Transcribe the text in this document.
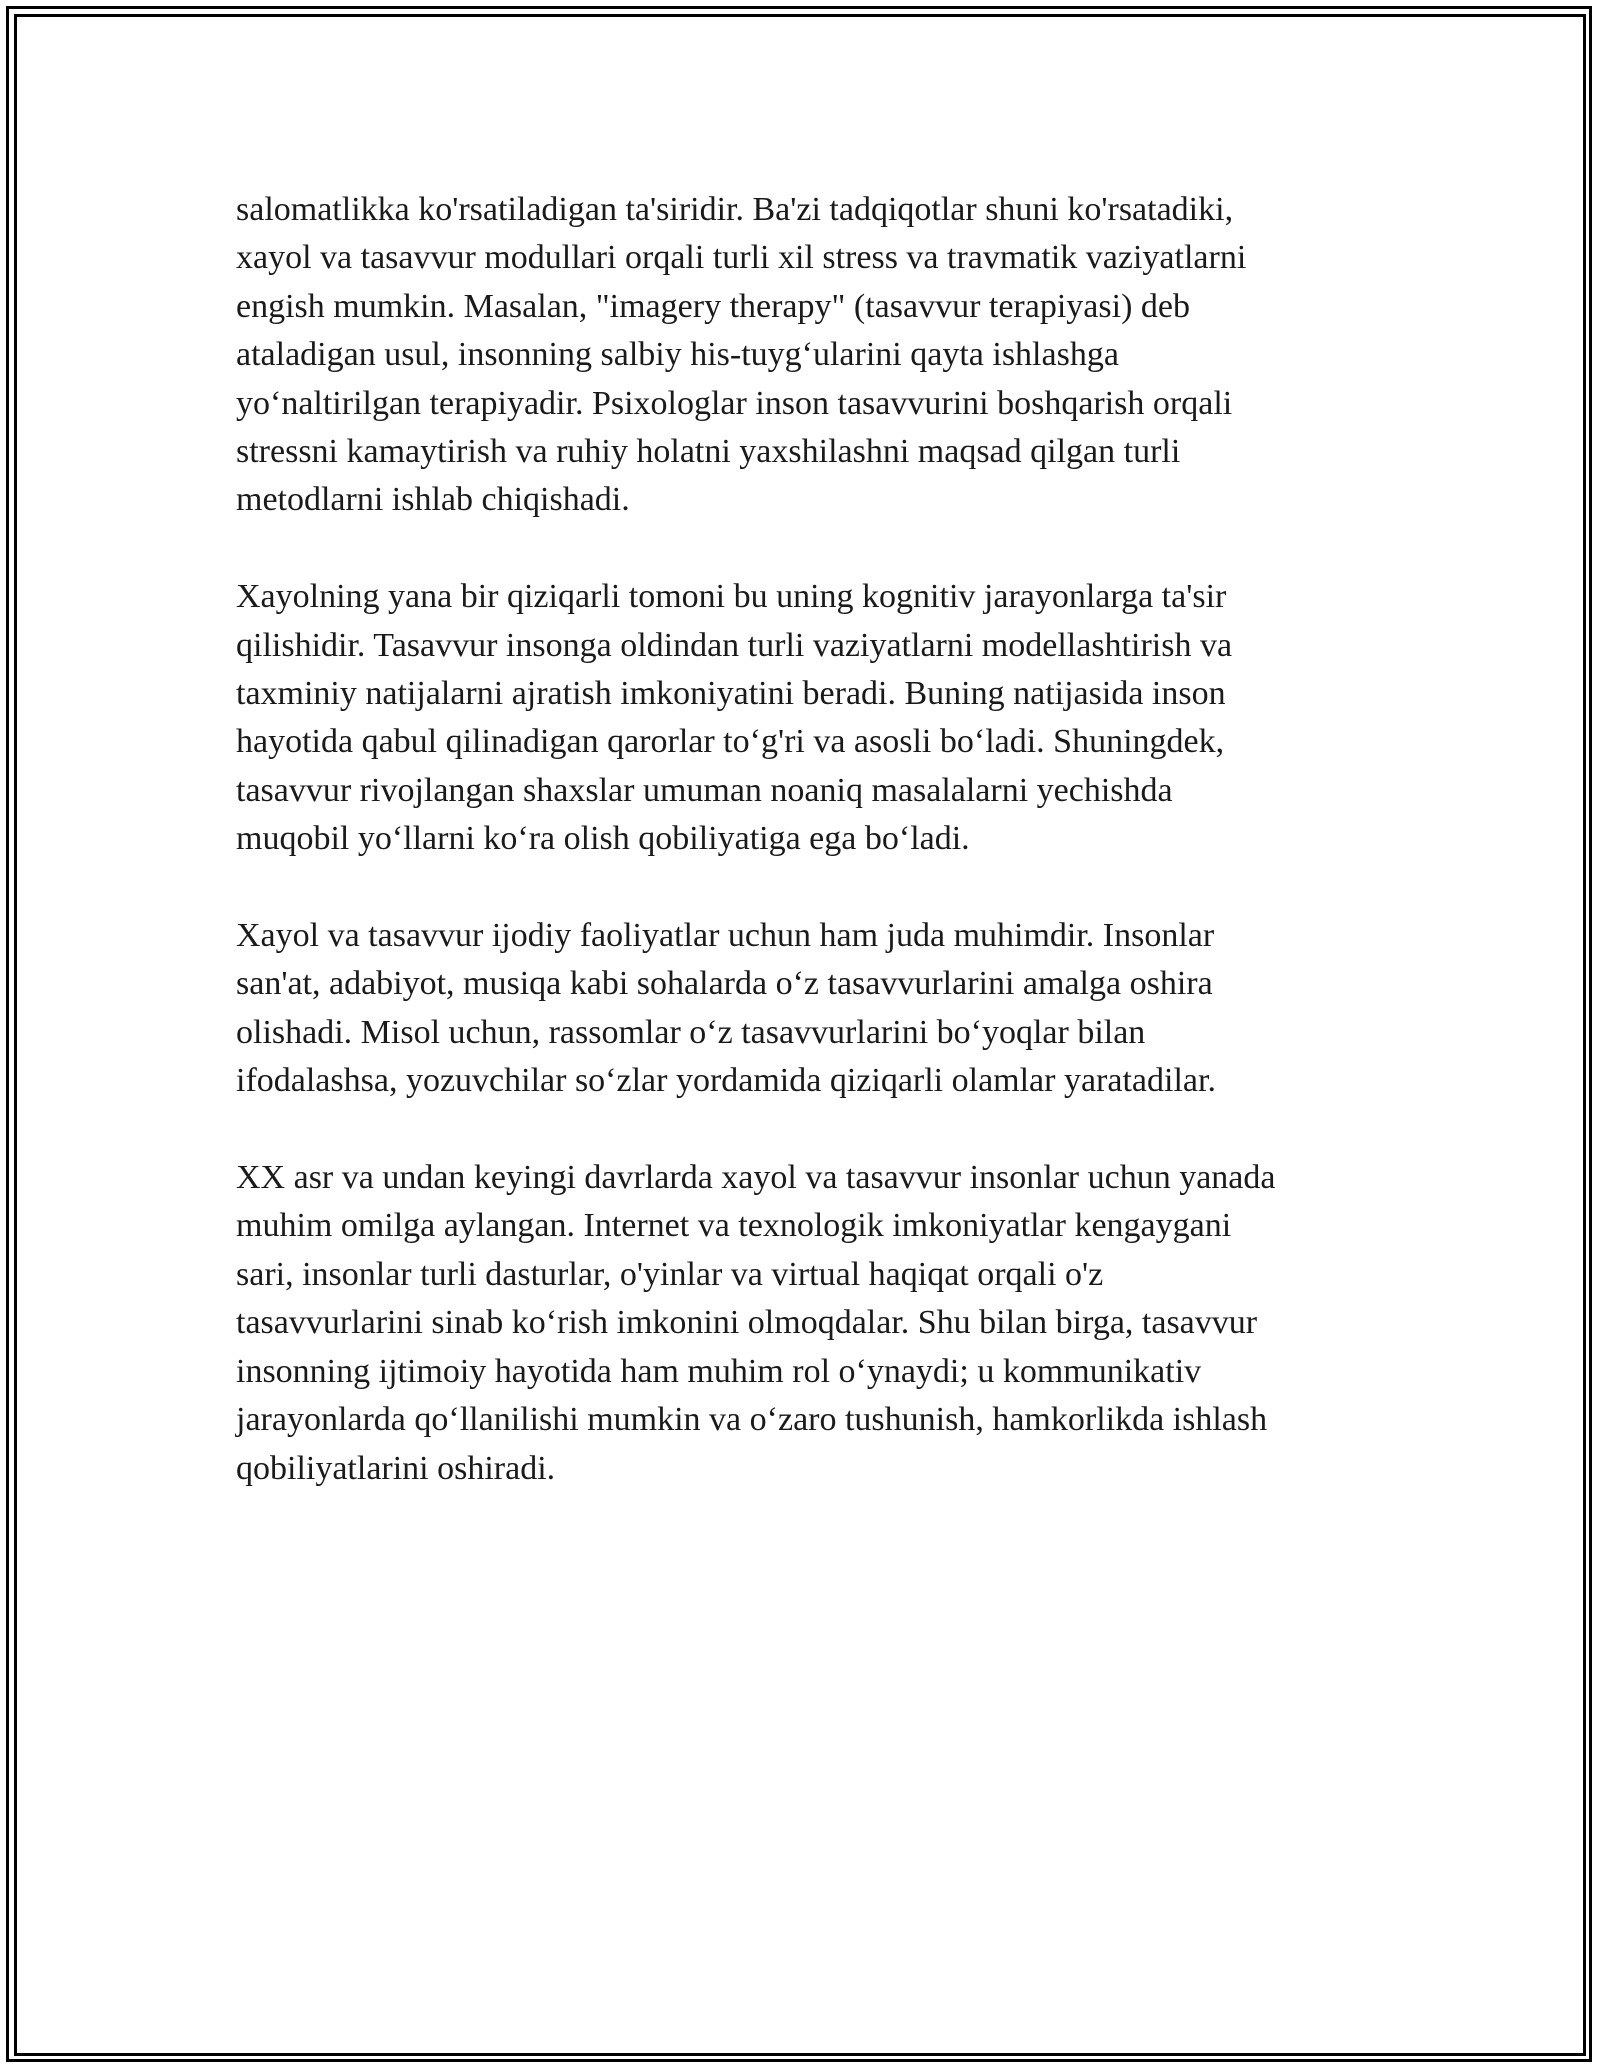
salomatlikka ko'rsatiladigan ta'siridir. Ba'zi tadqiqotlar shuni ko'rsatadiki,
xayol va tasavvur modullari orqali turli xil stress va travmatik vaziyatlarni
engish mumkin. Masalan, "imagery therapy" (tasavvur terapiyasi) deb
ataladigan usul, insonning salbiy his-tuyg‘ularini qayta ishlashga
yo‘naltirilgan terapiyadir. Psixologlar inson tasavvurini boshqarish orqali
stressni kamaytirish va ruhiy holatni yaxshilashni maqsad qilgan turli
metodlarni ishlab chiqishadi.

Xayolning yana bir qiziqarli tomoni bu uning kognitiv jarayonlarga ta'sir
qilishidir. Tasavvur insonga oldindan turli vaziyatlarni modellashtirish va
taxminiy natijalarni ajratish imkoniyatini beradi. Buning natijasida inson
hayotida qabul qilinadigan qarorlar to‘g'ri va asosli bo‘ladi. Shuningdek,
tasavvur rivojlangan shaxslar umuman noaniq masalalarni yechishda
muqobil yo‘llarni ko‘ra olish qobiliyatiga ega bo‘ladi.

Xayol va tasavvur ijodiy faoliyatlar uchun ham juda muhimdir. Insonlar
san'at, adabiyot, musiqa kabi sohalarda o‘z tasavvurlarini amalga oshira
olishadi. Misol uchun, rassomlar o‘z tasavvurlarini bo‘yoqlar bilan
ifodalashsa, yozuvchilar so‘zlar yordamida qiziqarli olamlar yaratadilar.

XX asr va undan keyingi davrlarda xayol va tasavvur insonlar uchun yanada
muhim omilga aylangan. Internet va texnologik imkoniyatlar kengaygani
sari, insonlar turli dasturlar, o'yinlar va virtual haqiqat orqali o'z
tasavvurlarini sinab ko‘rish imkonini olmoqdalar. Shu bilan birga, tasavvur
insonning ijtimoiy hayotida ham muhim rol o‘ynaydi; u kommunikativ
jarayonlarda qo‘llanilishi mumkin va o‘zaro tushunish, hamkorlikda ishlash
qobiliyatlarini oshiradi.
